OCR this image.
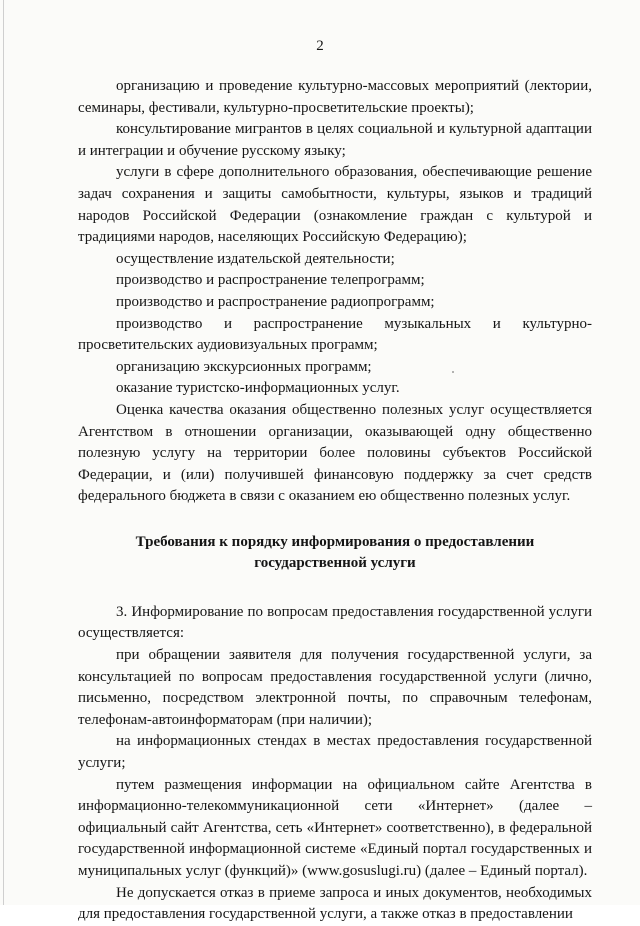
2

организацию и проведение культурно-массовых мероприятий (лектории, семинары, фестивали, культурно-просветительские проекты);

консультирование мигрантов в целях социальной и культурной адаптации и интеграции и обучение русскому языку;

услуги в сфере дополнительного образования, обеспечивающие решение задач сохранения и защиты самобытности, культуры, языков и традиций народов Российской Федерации (ознакомление граждан с культурой и традициями народов, населяющих Российскую Федерацию);

осуществление издательской деятельности;

производство и распространение телепрограмм;

производство и распространение радиопрограмм;

производство и распространение музыкальных и культурно-просветительских аудиовизуальных программ;

организацию экскурсионных программ;

оказание туристско-информационных услуг.

Оценка качества оказания общественно полезных услуг осуществляется Агентством в отношении организации, оказывающей одну общественно полезную услугу на территории более половины субъектов Российской Федерации, и (или) получившей финансовую поддержку за счет средств федерального бюджета в связи с оказанием ею общественно полезных услуг.

Требования к порядку информирования о предоставлении
государственной услуги

3. Информирование по вопросам предоставления государственной услуги осуществляется:

при обращении заявителя для получения государственной услуги, за консультацией по вопросам предоставления государственной услуги (лично, письменно, посредством электронной почты, по справочным телефонам, телефонам-автоинформаторам (при наличии);

на информационных стендах в местах предоставления государственной услуги;

путем размещения информации на официальном сайте Агентства в информационно-телекоммуникационной сети «Интернет» (далее – официальный сайт Агентства, сеть «Интернет» соответственно), в федеральной государственной информационной системе «Единый портал государственных и муниципальных услуг (функций)» (www.gosuslugi.ru) (далее – Единый портал).

Не допускается отказ в приеме запроса и иных документов, необходимых для предоставления государственной услуги, а также отказ в предоставлении
